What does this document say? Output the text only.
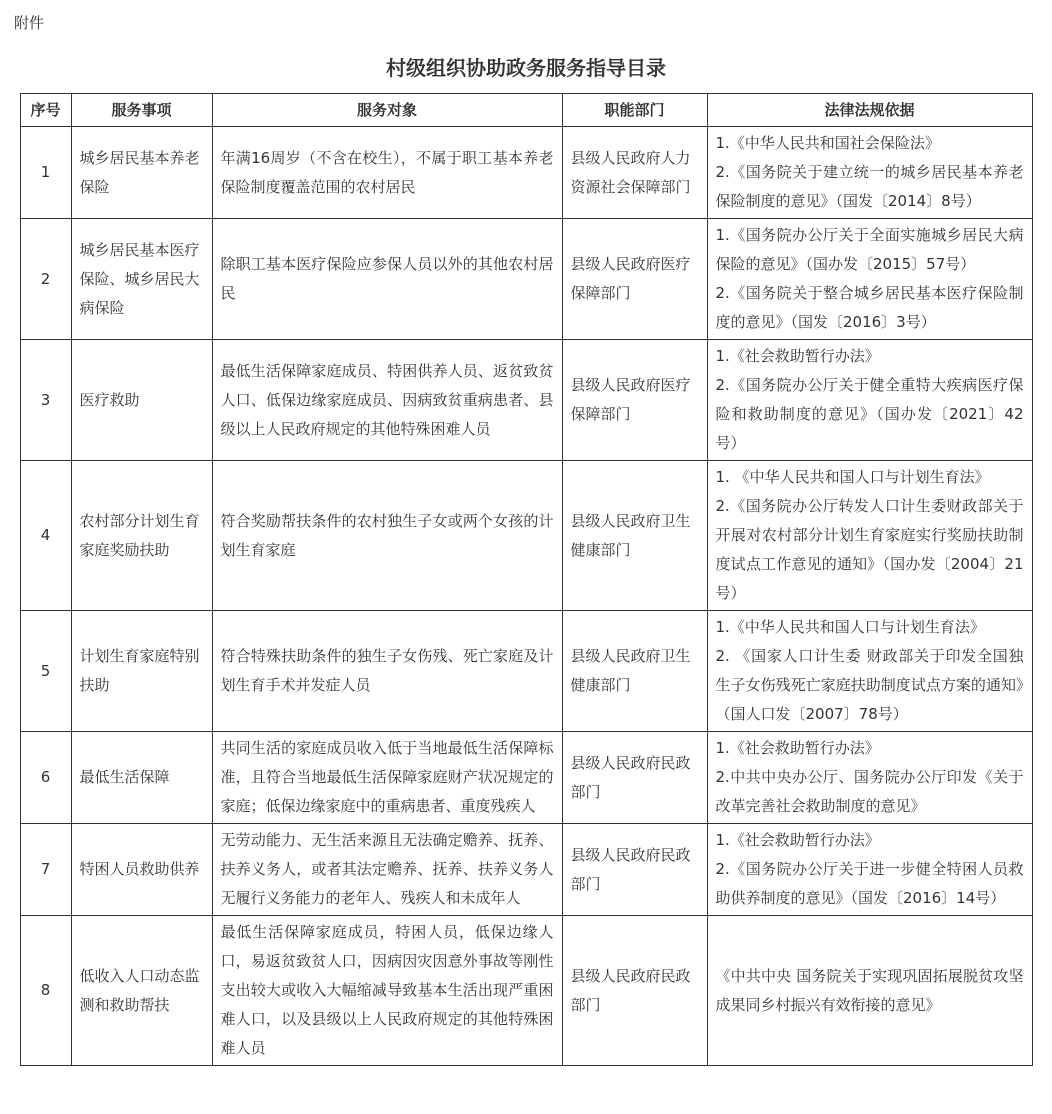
附件
村级组织协助政务服务指导目录
序号	服务事项	服务对象	职能部门	法律法规依据
1	城乡居民基本养老保险	年满16周岁（不含在校生），不属于职工基本养老保险制度覆盖范围的农村居民	县级人民政府人力资源社会保障部门	1.《中华人民共和国社会保险法》
2.《国务院关于建立统一的城乡居民基本养老保险制度的意见》（国发〔2014〕8号）

2	城乡居民基本医疗保险、城乡居民大病保险	除职工基本医疗保险应参保人员以外的其他农村居民	县级人民政府医疗保障部门	1.《国务院办公厅关于全面实施城乡居民大病保险的意见》（国办发〔2015〕57号）
2.《国务院关于整合城乡居民基本医疗保险制度的意见》（国发〔2016〕3号）

3	医疗救助	最低生活保障家庭成员、特困供养人员、返贫致贫人口、低保边缘家庭成员、因病致贫重病患者、县级以上人民政府规定的其他特殊困难人员	县级人民政府医疗保障部门	1.《社会救助暂行办法》
2.《国务院办公厅关于健全重特大疾病医疗保险和救助制度的意见》（国办发〔2021〕42号）

4	农村部分计划生育家庭奖励扶助	符合奖励帮扶条件的农村独生子女或两个女孩的计划生育家庭	县级人民政府卫生健康部门	1. 《中华人民共和国人口与计划生育法》
2.《国务院办公厅转发人口计生委财政部关于开展对农村部分计划生育家庭实行奖励扶助制度试点工作意见的通知》（国办发〔2004〕21号）

5	计划生育家庭特别扶助	符合特殊扶助条件的独生子女伤残、死亡家庭及计划生育手术并发症人员	县级人民政府卫生健康部门	1.《中华人民共和国人口与计划生育法》
2. 《国家人口计生委 财政部关于印发全国独生子女伤残死亡家庭扶助制度试点方案的通知》（国人口发〔2007〕78号）

6	最低生活保障	共同生活的家庭成员收入低于当地最低生活保障标准，且符合当地最低生活保障家庭财产状况规定的家庭；低保边缘家庭中的重病患者、重度残疾人	县级人民政府民政部门	1.《社会救助暂行办法》
2.中共中央办公厅、国务院办公厅印发《关于改革完善社会救助制度的意见》

7	特困人员救助供养	无劳动能力、无生活来源且无法确定赡养、抚养、扶养义务人，或者其法定赡养、抚养、扶养义务人无履行义务能力的老年人、残疾人和未成年人	县级人民政府民政部门	1.《社会救助暂行办法》
2.《国务院办公厅关于进一步健全特困人员救助供养制度的意见》（国发〔2016〕14号）

8	低收入人口动态监测和救助帮扶	最低生活保障家庭成员，特困人员，低保边缘人口，易返贫致贫人口，因病因灾因意外事故等刚性支出较大或收入大幅缩减导致基本生活出现严重困难人口，以及县级以上人民政府规定的其他特殊困难人员	县级人民政府民政部门	《中共中央 国务院关于实现巩固拓展脱贫攻坚成果同乡村振兴有效衔接的意见》
